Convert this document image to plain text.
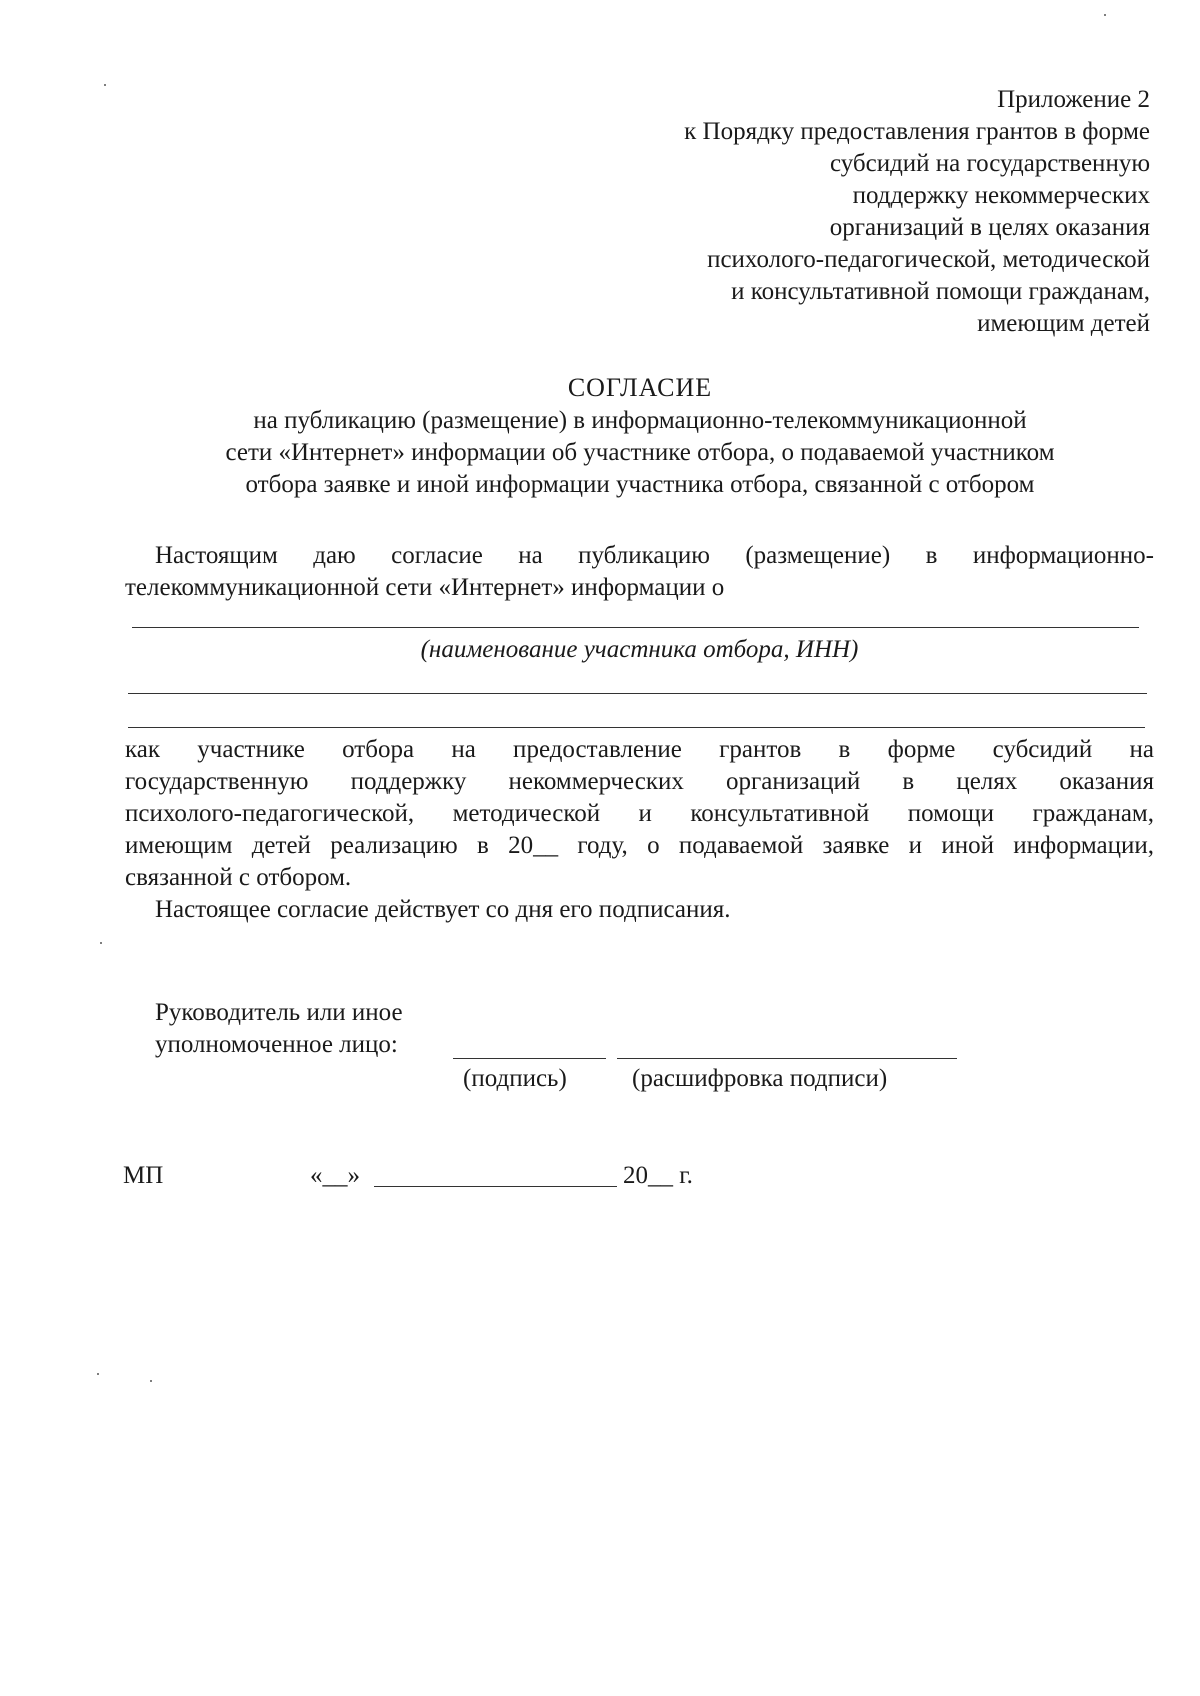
Приложение 2
к Порядку предоставления грантов в форме
субсидий на государственную
поддержку некоммерческих
организаций в целях оказания
психолого-педагогической, методической
и консультативной помощи гражданам,
имеющим детей
СОГЛАСИЕ
на публикацию (размещение) в информационно-телекоммуникационной
сети «Интернет» информации об участнике отбора, о подаваемой участником
отбора заявке и иной информации участника отбора, связанной с отбором
Настоящим даю согласие на публикацию (размещение) в информационно-
телекоммуникационной сети «Интернет» информации о
(наименование участника отбора, ИНН)
как участнике отбора на предоставление грантов в форме субсидий на
государственную поддержку некоммерческих организаций в целях оказания
психолого-педагогической, методической и консультативной помощи гражданам,
имеющим детей реализацию в 20__ году, о подаваемой заявке и иной информации,
связанной с отбором.
Настоящее согласие действует со дня его подписания.
Руководитель или иное
уполномоченное лицо:
(подпись)	(расшифровка подписи)
МП	«__»	20__ г.
